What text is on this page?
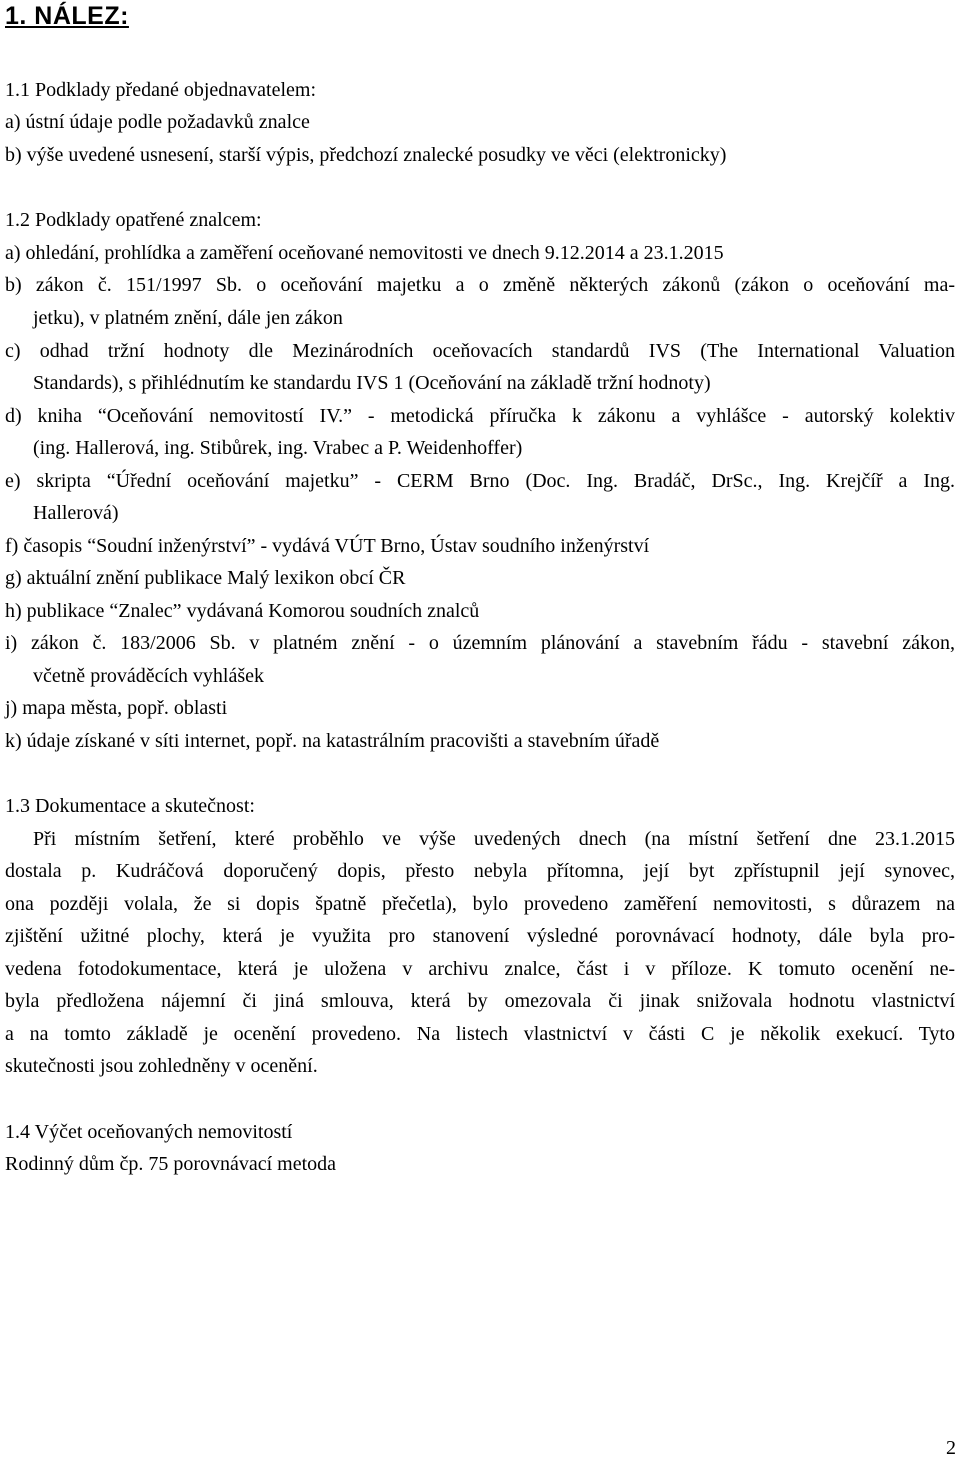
1. NÁLEZ:
1.1 Podklady předané objednavatelem:
a) ústní údaje podle požadavků znalce
b) výše uvedené usnesení, starší výpis, předchozí znalecké posudky ve věci (elektronicky)
1.2 Podklady opatřené znalcem:
a) ohledání, prohlídka a zaměření oceňované nemovitosti ve dnech 9.12.2014 a 23.1.2015
b) zákon č. 151/1997 Sb. o oceňování majetku a o změně některých zákonů (zákon o oceňování ma-
jetku), v platném znění, dále jen zákon
c) odhad tržní hodnoty dle Mezinárodních oceňovacích standardů IVS (The International Valuation
Standards), s přihlédnutím ke standardu IVS 1 (Oceňování na základě tržní hodnoty)
d) kniha “Oceňování nemovitostí IV.” - metodická příručka k zákonu a vyhlášce - autorský kolektiv
(ing. Hallerová, ing. Stibůrek, ing. Vrabec a P. Weidenhoffer)
e) skripta “Úřední oceňování majetku” - CERM Brno (Doc. Ing. Bradáč, DrSc., Ing. Krejčíř a Ing.
Hallerová)
f) časopis “Soudní inženýrství” - vydává VÚT Brno, Ústav soudního inženýrství
g) aktuální znění publikace Malý lexikon obcí ČR
h) publikace “Znalec” vydávaná Komorou soudních znalců
i) zákon č. 183/2006 Sb. v platném znění - o územním plánování a stavebním řádu - stavební zákon,
včetně prováděcích vyhlášek
j) mapa města, popř. oblasti
k) údaje získané v síti internet, popř. na katastrálním pracovišti a stavebním úřadě
1.3 Dokumentace a skutečnost:
Při místním šetření, které proběhlo ve výše uvedených dnech (na místní šetření dne 23.1.2015
dostala p. Kudráčová doporučený dopis, přesto nebyla přítomna, její byt zpřístupnil její synovec,
ona později volala, že si dopis špatně přečetla), bylo provedeno zaměření nemovitosti, s důrazem na
zjištění užitné plochy, která je využita pro stanovení výsledné porovnávací hodnoty, dále byla pro-
vedena fotodokumentace, která je uložena v archivu znalce, část i v příloze. K tomuto ocenění ne-
byla předložena nájemní či jiná smlouva, která by omezovala či jinak snižovala hodnotu vlastnictví
a na tomto základě je ocenění provedeno. Na listech vlastnictví v části C je několik exekucí. Tyto
skutečnosti jsou zohledněny v ocenění.
1.4 Výčet oceňovaných nemovitostí
Rodinný dům čp. 75 porovnávací metoda
2
